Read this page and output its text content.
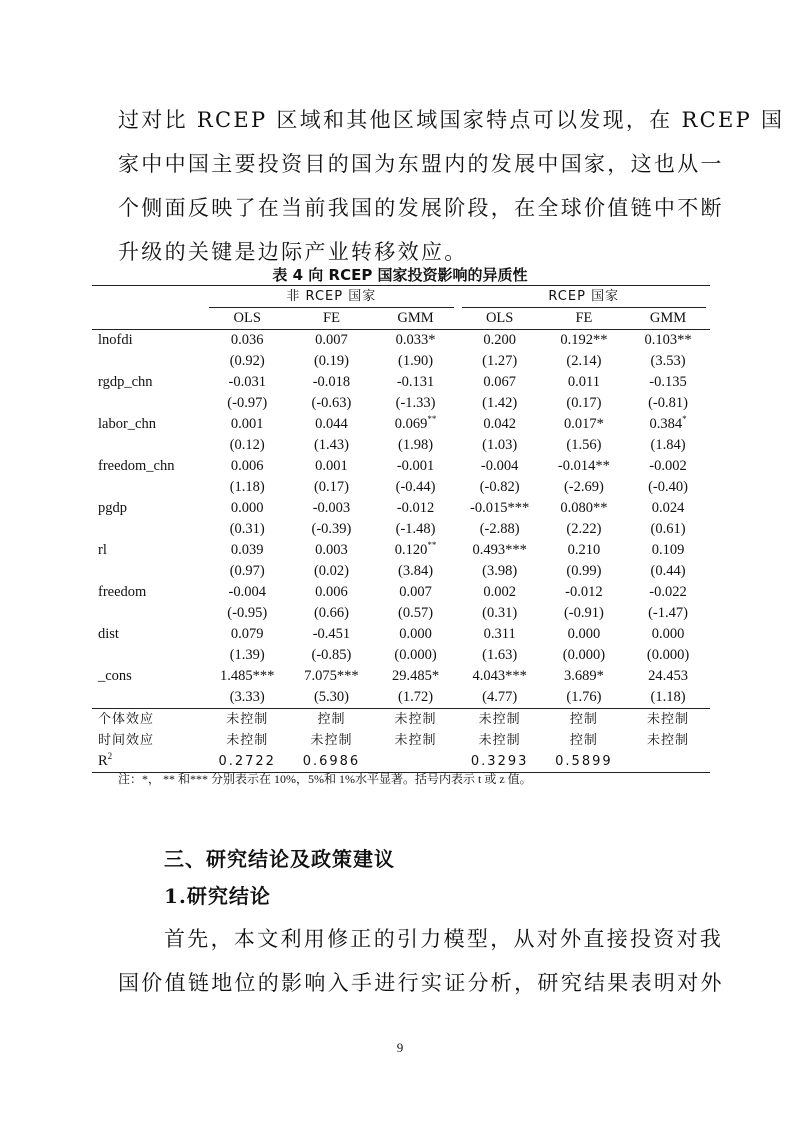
过对比 RCEP 区域和其他区域国家特点可以发现，在 RCEP 国
家中中国主要投资目的国为东盟内的发展中国家，这也从一
个侧面反映了在当前我国的发展阶段，在全球价值链中不断
升级的关键是边际产业转移效应。
表 4 向 RCEP 国家投资影响的异质性

	非 RCEP 国家			RCEP 国家		

	OLS	FE	GMM	OLS	FE	GMM
lnofdi	0.036	0.007	0.033*	0.200	0.192**	0.103**
	(0.92)	(0.19)	(1.90)	(1.27)	(2.14)	(3.53)
rgdp_chn	-0.031	-0.018	-0.131	0.067	0.011	-0.135
	(-0.97)	(-0.63)	(-1.33)	(1.42)	(0.17)	(-0.81)
labor_chn	0.001	0.044	0.069**	0.042	0.017*	0.384*
	(0.12)	(1.43)	(1.98)	(1.03)	(1.56)	(1.84)
freedom_chn	0.006	0.001	-0.001	-0.004	-0.014**	-0.002
	(1.18)	(0.17)	(-0.44)	(-0.82)	(-2.69)	(-0.40)
pgdp	0.000	-0.003	-0.012	-0.015***	0.080**	0.024
	(0.31)	(-0.39)	(-1.48)	(-2.88)	(2.22)	(0.61)
rl	0.039	0.003	0.120**	0.493***	0.210	0.109
	(0.97)	(0.02)	(3.84)	(3.98)	(0.99)	(0.44)
freedom	-0.004	0.006	0.007	0.002	-0.012	-0.022
	(-0.95)	(0.66)	(0.57)	(0.31)	(-0.91)	(-1.47)
dist	0.079	-0.451	0.000	0.311	0.000	0.000
	(1.39)	(-0.85)	(0.000)	(1.63)	(0.000)	(0.000)
_cons	1.485***	7.075***	29.485*	4.043***	3.689*	24.453
	(3.33)	(5.30)	(1.72)	(4.77)	(1.76)	(1.18)
个体效应	未控制	控制	未控制	未控制	控制	未控制
时间效应	未控制	未控制	未控制	未控制	控制	未控制
$R^2$	0.2722	0.6986		0.3293	0.5899	
注：*， ** 和*** 分别表示在 10%，5%和 1%水平显著。括号内表示 t 或 z 值。
三、研究结论及政策建议
1.研究结论
首先，本文利用修正的引力模型，从对外直接投资对我
国价值链地位的影响入手进行实证分析，研究结果表明对外
9
